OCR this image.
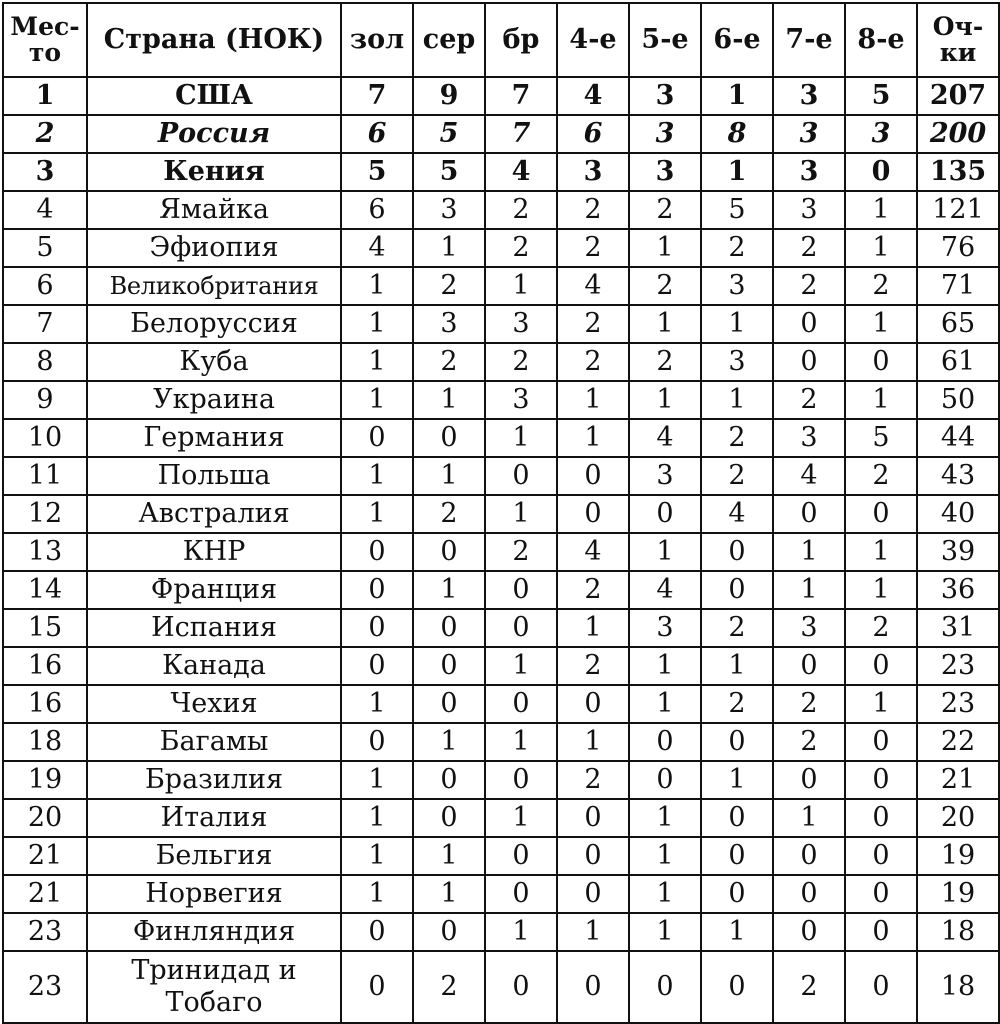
Мес-то	Страна (НОК)	зол	сер	бр	4-е	5-е	6-е	7-е	8-е	Оч-ки
1	США	7	9	7	4	3	1	3	5	207
2	Россия	6	5	7	6	3	8	3	3	200
3	Кения	5	5	4	3	3	1	3	0	135
4	Ямайка	6	3	2	2	2	5	3	1	121
5	Эфиопия	4	1	2	2	1	2	2	1	76
6	Великобритания	1	2	1	4	2	3	2	2	71
7	Белоруссия	1	3	3	2	1	1	0	1	65
8	Куба	1	2	2	2	2	3	0	0	61
9	Украина	1	1	3	1	1	1	2	1	50
10	Германия	0	0	1	1	4	2	3	5	44
11	Польша	1	1	0	0	3	2	4	2	43
12	Австралия	1	2	1	0	0	4	0	0	40
13	КНР	0	0	2	4	1	0	1	1	39
14	Франция	0	1	0	2	4	0	1	1	36
15	Испания	0	0	0	1	3	2	3	2	31
16	Канада	0	0	1	2	1	1	0	0	23
16	Чехия	1	0	0	0	1	2	2	1	23
18	Багамы	0	1	1	1	0	0	2	0	22
19	Бразилия	1	0	0	2	0	1	0	0	21
20	Италия	1	0	1	0	1	0	1	0	20
21	Бельгия	1	1	0	0	1	0	0	0	19
21	Норвегия	1	1	0	0	1	0	0	0	19
23	Финляндия	0	0	1	1	1	1	0	0	18
23	Тринидад и Тобаго	0	2	0	0	0	0	2	0	18
